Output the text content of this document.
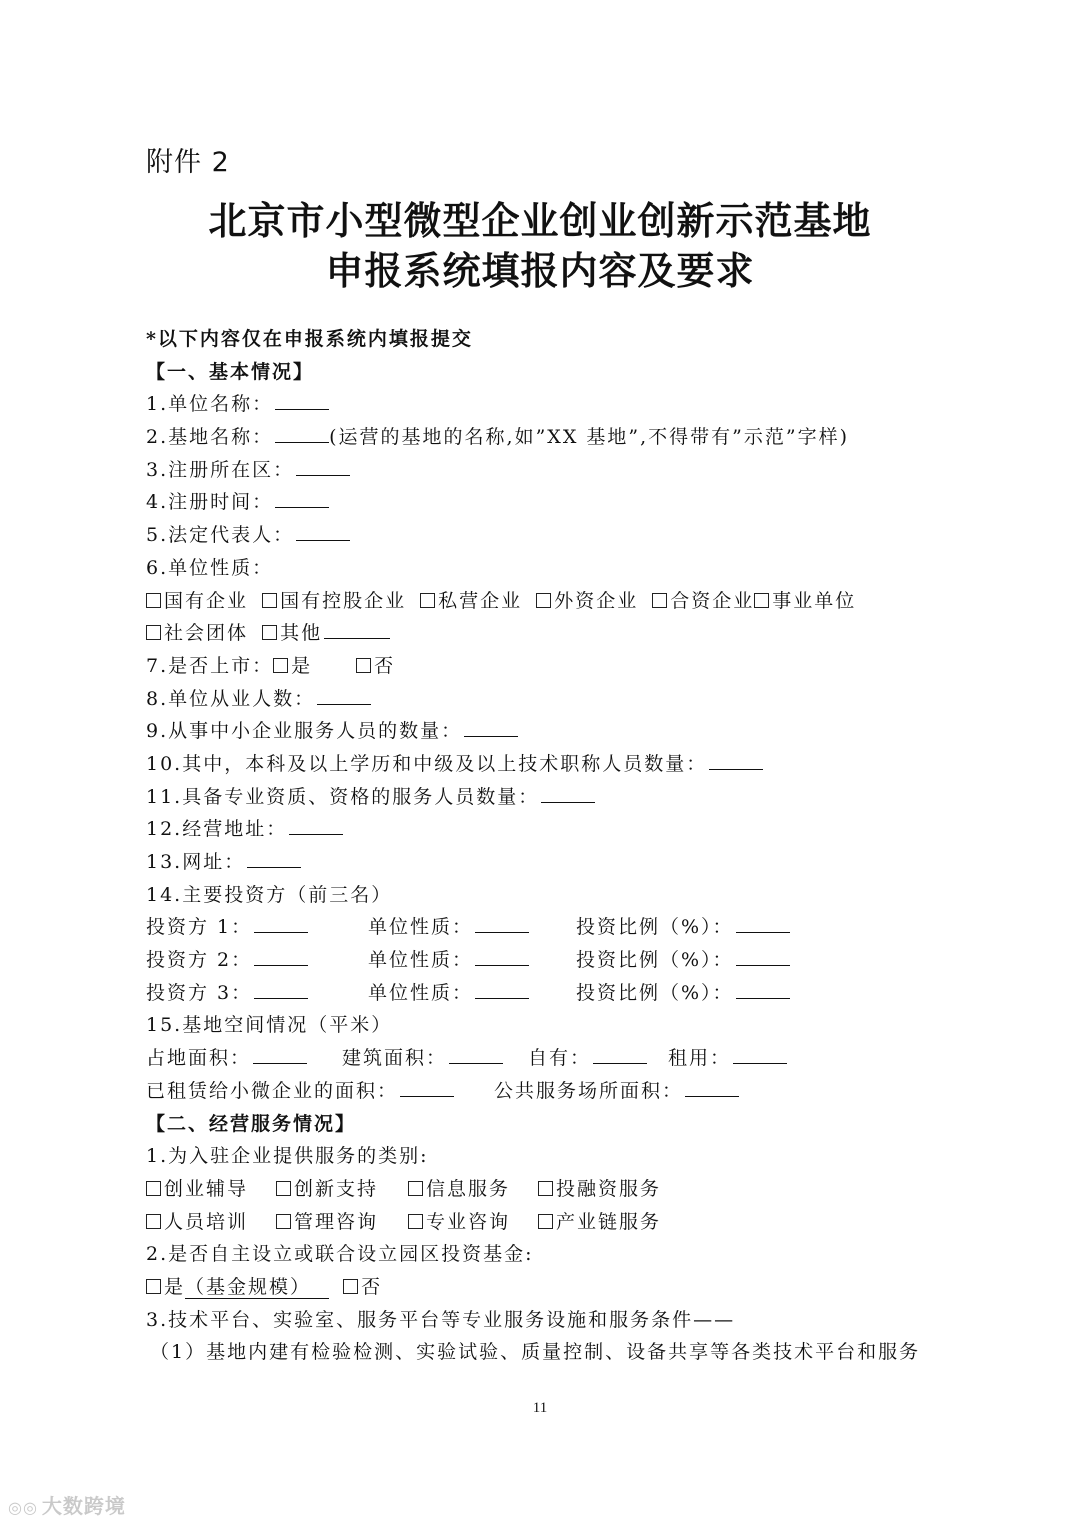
附件 2
北京市小型微型企业创业创新示范基地
申报系统填报内容及要求
*以下内容仅在申报系统内填报提交
【一、基本情况】
1.单位名称：
2.基地名称：	(运营的基地的名称,如”XX 基地”,不得带有”示范”字样)
3.注册所在区：
4.注册时间：
5.法定代表人：
6.单位性质：
国有企业 国有控股企业 私营企业 外资企业 合资企业 事业单位
社会团体 其他
7.是否上市： 是	否
8.单位从业人数：
9.从事中小企业服务人员的数量：
10.其中，本科及以上学历和中级及以上技术职称人员数量：
11.具备专业资质、资格的服务人员数量：
12.经营地址：
13.网址：
14.主要投资方（前三名）
投资方 1：	单位性质：	投资比例（%）：
投资方 2：	单位性质：	投资比例（%）：
投资方 3：	单位性质：	投资比例（%）：
15.基地空间情况（平米）
占地面积：	建筑面积：	自有：	租用：
已租赁给小微企业的面积：	公共服务场所面积：
【二、经营服务情况】
1.为入驻企业提供服务的类别:
创业辅导	创新支持	信息服务	投融资服务
人员培训	管理咨询	专业咨询	产业链服务
2.是否自主设立或联合设立园区投资基金:
是（基金规模）	否
3.技术平台、实验室、服务平台等专业服务设施和服务条件——
（1）基地内建有检验检测、实验试验、质量控制、设备共享等各类技术平台和服务
11
◎◎ 大数跨境
